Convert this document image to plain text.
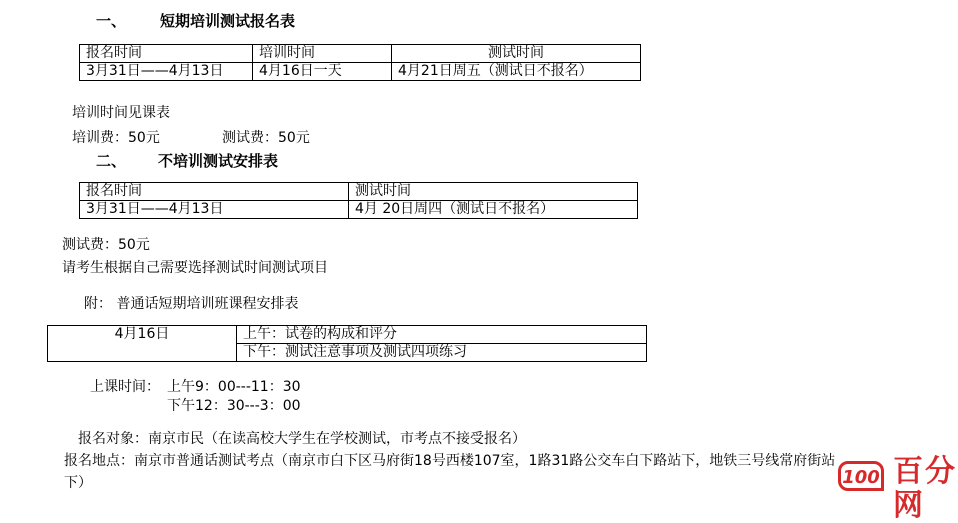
一、 短期培训测试报名表
报名时间	培训时间	测试时间
3月31日——4月13日	4月16日一天	4月21日周五（测试日不报名）
培训时间见课表
培训费：50元	测试费：50元
二、 不培训测试安排表
报名时间	测试时间
3月31日——4月13日	4月 20日周四（测试日不报名）
测试费：50元
请考生根据自己需要选择测试时间测试项目
附： 普通话短期培训班课程安排表
4月16日	上午：试卷的构成和评分
下午：测试注意事项及测试四项练习
上课时间： 上午9：00---11：30
下午12：30---3：00
报名对象：南京市民（在读高校大学生在学校测试，市考点不接受报名）
报名地点：南京市普通话测试考点（南京市白下区马府街18号西楼107室，1路31路公交车白下路站下，地铁三号线常府街站
下）	100 百分网
